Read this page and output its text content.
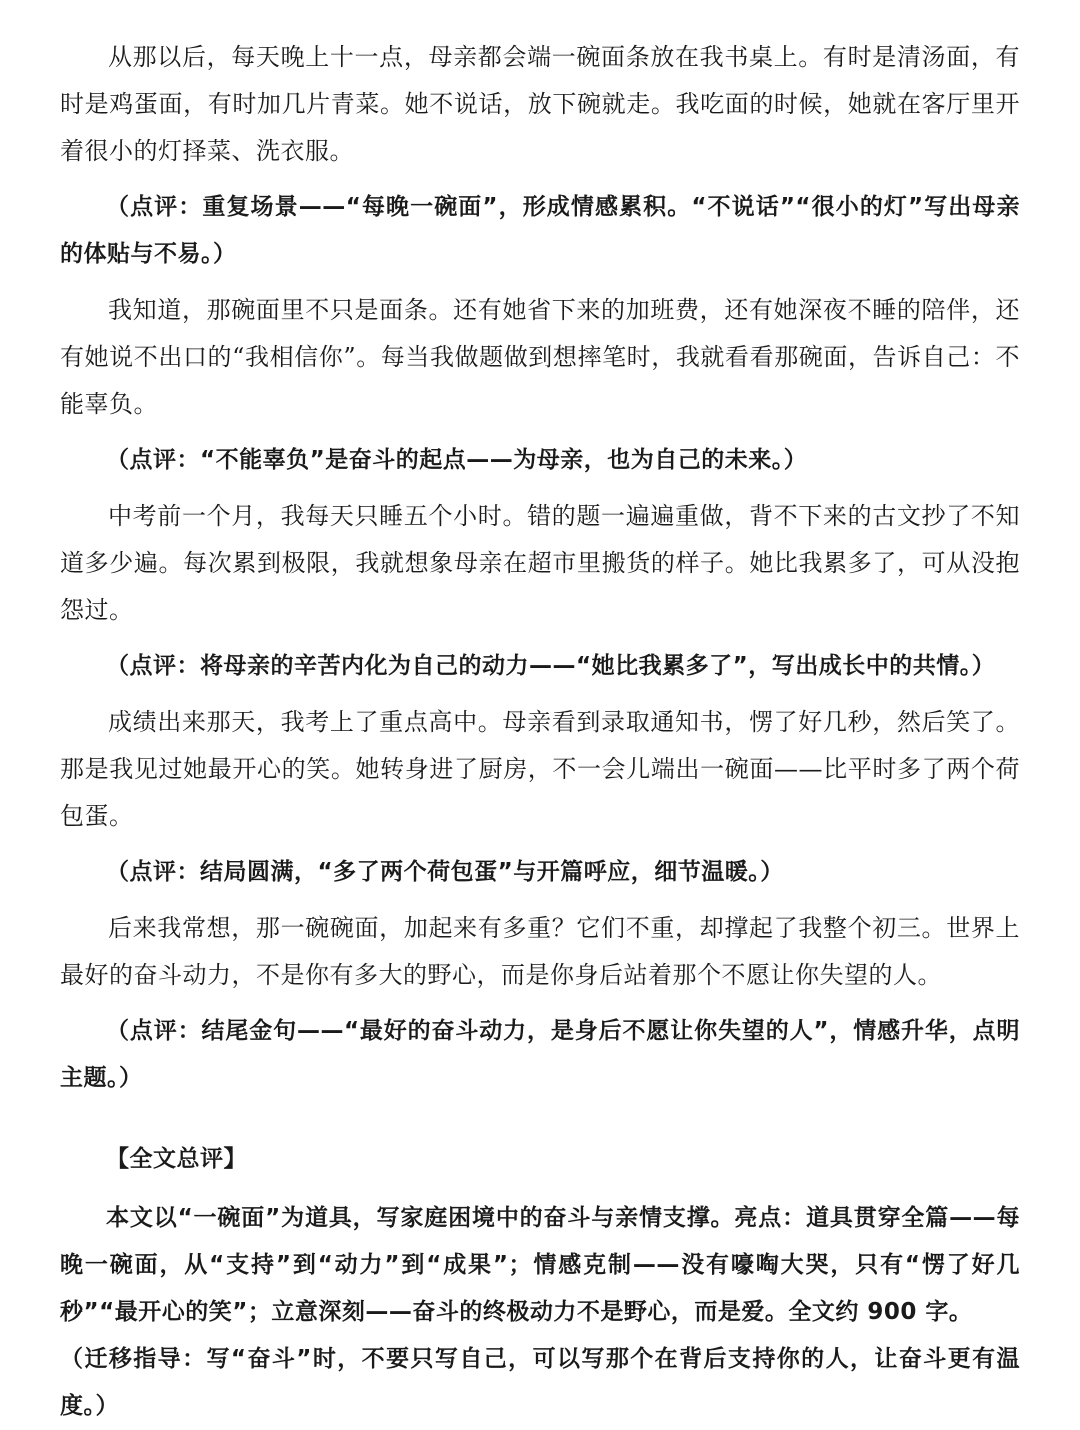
从那以后，每天晚上十一点，母亲都会端一碗面条放在我书桌上。有时是清汤面，有时是鸡蛋面，有时加几片青菜。她不说话，放下碗就走。我吃面的时候，她就在客厅里开着很小的灯择菜、洗衣服。

（点评：重复场景——“每晚一碗面”，形成情感累积。“不说话”“很小的灯”写出母亲的体贴与不易。）

我知道，那碗面里不只是面条。还有她省下来的加班费，还有她深夜不睡的陪伴，还有她说不出口的“我相信你”。每当我做题做到想摔笔时，我就看看那碗面，告诉自己：不能辜负。

（点评：“不能辜负”是奋斗的起点——为母亲，也为自己的未来。）

中考前一个月，我每天只睡五个小时。错的题一遍遍重做，背不下来的古文抄了不知道多少遍。每次累到极限，我就想象母亲在超市里搬货的样子。她比我累多了，可从没抱怨过。

（点评：将母亲的辛苦内化为自己的动力——“她比我累多了”，写出成长中的共情。）

成绩出来那天，我考上了重点高中。母亲看到录取通知书，愣了好几秒，然后笑了。那是我见过她最开心的笑。她转身进了厨房，不一会儿端出一碗面——比平时多了两个荷包蛋。

（点评：结局圆满，“多了两个荷包蛋”与开篇呼应，细节温暖。）

后来我常想，那一碗碗面，加起来有多重？它们不重，却撑起了我整个初三。世界上最好的奋斗动力，不是你有多大的野心，而是你身后站着那个不愿让你失望的人。

（点评：结尾金句——“最好的奋斗动力，是身后不愿让你失望的人”，情感升华，点明主题。）

【全文总评】

本文以“一碗面”为道具，写家庭困境中的奋斗与亲情支撑。亮点：道具贯穿全篇——每晚一碗面，从“支持”到“动力”到“成果”；情感克制——没有嚎啕大哭，只有“愣了好几秒”“最开心的笑”；立意深刻——奋斗的终极动力不是野心，而是爱。全文约 900 字。

（迁移指导：写“奋斗”时，不要只写自己，可以写那个在背后支持你的人，让奋斗更有温度。）
